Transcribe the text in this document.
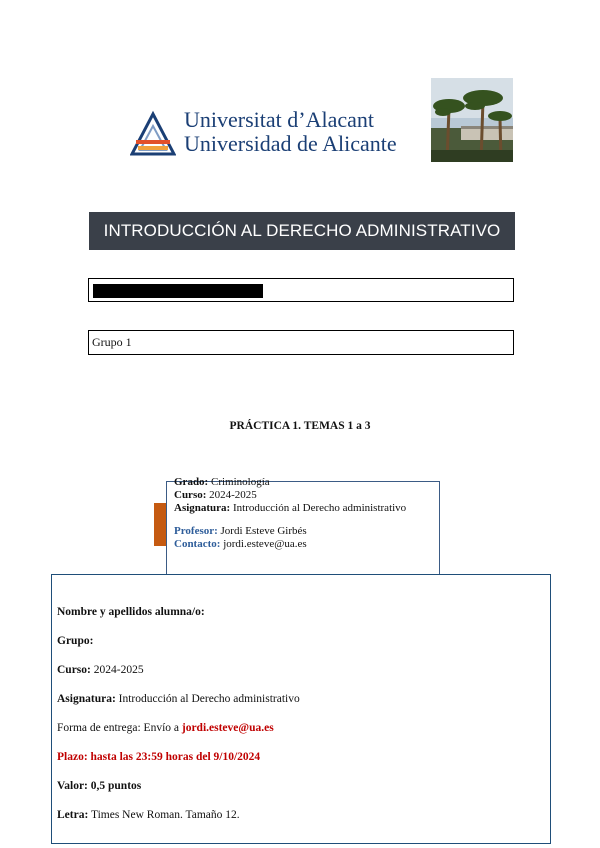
Universitat d’Alacant
Universidad de Alicante
INTRODUCCIÓN AL DERECHO ADMINISTRATIVO
Grupo 1
PRÁCTICA 1. TEMAS 1 a 3
Grado: Criminología
Curso: 2024-2025
Asignatura: Introducción al Derecho administrativo
Profesor: Jordi Esteve Girbés
Contacto: jordi.esteve@ua.es
Nombre y apellidos alumna/o:
Grupo:
Curso: 2024-2025
Asignatura: Introducción al Derecho administrativo
Forma de entrega: Envío a jordi.esteve@ua.es
Plazo: hasta las 23:59 horas del 9/10/2024
Valor: 0,5 puntos
Letra: Times New Roman. Tamaño 12.
